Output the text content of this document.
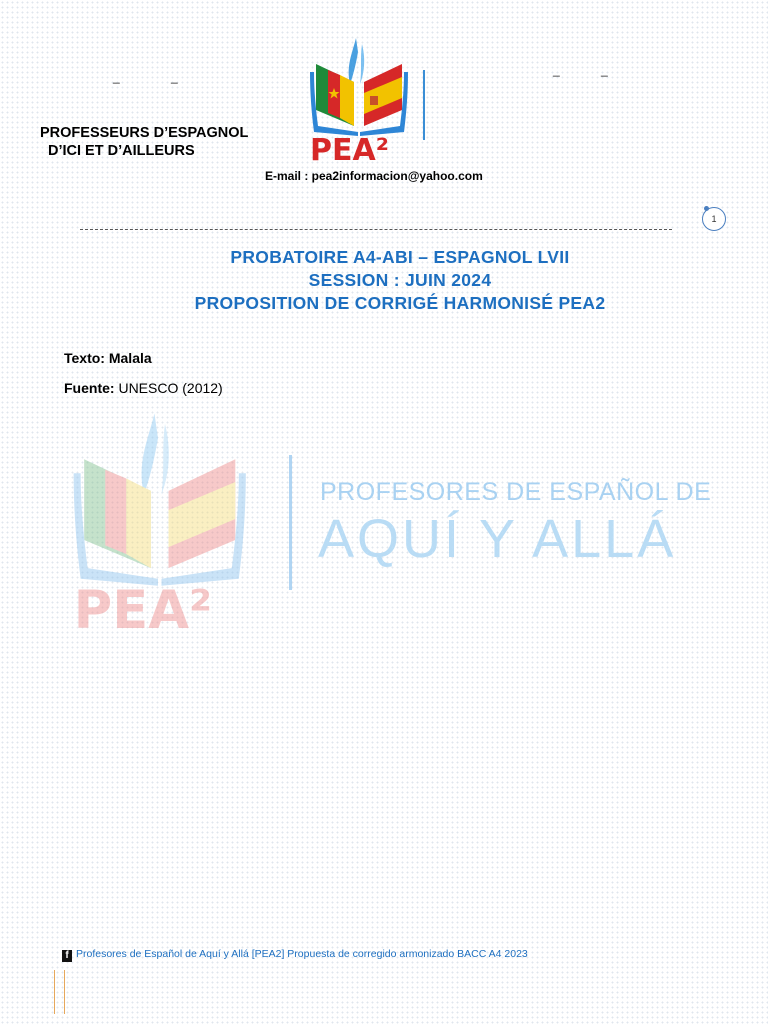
_	_	_	_
PROFESSEURS D’ESPAGNOL
D’ICI ET D’AILLEURS	PEA²
E-mail : pea2informacion@yahoo.com
1
PROBATOIRE A4-ABI – ESPAGNOL LVII
SESSION : JUIN 2024
PROPOSITION DE CORRIGÉ HARMONISÉ PEA2
Texto: Malala
Fuente: UNESCO (2012)
PEA²
PROFESORES DE ESPAÑOL DE
AQUÍ Y ALLÁ
f Profesores de Español de Aquí y Allá [PEA2] Propuesta de corregido armonizado BACC A4 2023
